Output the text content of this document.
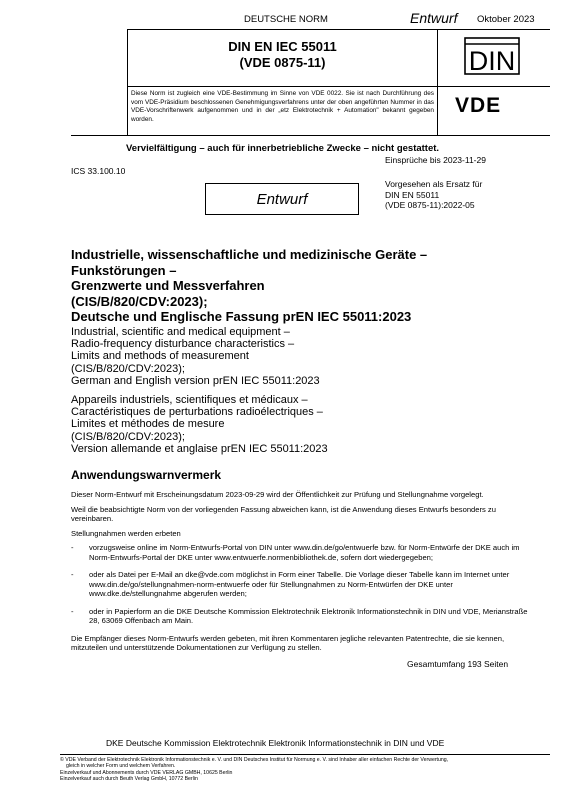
DEUTSCHE NORM	Entwurf Oktober 2023
DIN EN IEC 55011
(VDE 0875-11)	DIN
VDE
Diese Norm ist zugleich eine VDE-Bestimmung im Sinne von VDE 0022. Sie ist nach Durchführung des vom VDE-Präsidium beschlossenen Genehmigungsverfahrens unter der oben angeführten Nummer in das VDE-Vorschriftenwerk aufgenommen und in der „etz Elektrotechnik + Automation" bekannt gegeben worden.
Vervielfältigung – auch für innerbetriebliche Zwecke – nicht gestattet.
ICS 33.100.10
Einsprüche bis 2023-11-29
Entwurf
Vorgesehen als Ersatz für
DIN EN 55011
(VDE 0875-11):2022-05
Industrielle, wissenschaftliche und medizinische Geräte –
Funkstörungen –
Grenzwerte und Messverfahren
(CIS/B/820/CDV:2023);
Deutsche und Englische Fassung prEN IEC 55011:2023
Industrial, scientific and medical equipment –
Radio-frequency disturbance characteristics –
Limits and methods of measurement
(CIS/B/820/CDV:2023);
German and English version prEN IEC 55011:2023
Appareils industriels, scientifiques et médicaux –
Caractéristiques de perturbations radioélectriques –
Limites et méthodes de mesure
(CIS/B/820/CDV:2023);
Version allemande et anglaise prEN IEC 55011:2023
Anwendungswarnvermerk
Dieser Norm-Entwurf mit Erscheinungsdatum 2023-09-29 wird der Öffentlichkeit zur Prüfung und Stellungnahme vorgelegt.
Weil die beabsichtigte Norm von der vorliegenden Fassung abweichen kann, ist die Anwendung dieses Entwurfs besonders zu vereinbaren.
Stellungnahmen werden erbeten
- vorzugsweise online im Norm-Entwurfs-Portal von DIN unter www.din.de/go/entwuerfe bzw. für Norm-Entwürfe der DKE auch im Norm-Entwurfs-Portal der DKE unter www.entwuerfe.normenbibliothek.de, sofern dort wiedergegeben;
- oder als Datei per E-Mail an dke@vde.com möglichst in Form einer Tabelle. Die Vorlage dieser Tabelle kann im Internet unter www.din.de/go/stellungnahmen-norm-entwuerfe oder für Stellungnahmen zu Norm-Entwürfen der DKE unter www.dke.de/stellungnahme abgerufen werden;
- oder in Papierform an die DKE Deutsche Kommission Elektrotechnik Elektronik Informationstechnik in DIN und VDE, Merianstraße 28, 63069 Offenbach am Main.
Die Empfänger dieses Norm-Entwurfs werden gebeten, mit ihren Kommentaren jegliche relevanten Patentrechte, die sie kennen, mitzuteilen und unterstützende Dokumentationen zur Verfügung zu stellen.
Gesamtumfang 193 Seiten
DKE Deutsche Kommission Elektrotechnik Elektronik Informationstechnik in DIN und VDE
© VDE Verband der Elektrotechnik Elektronik Informationstechnik e. V. und DIN Deutsches Institut für Normung e. V. sind Inhaber aller einfachen Rechte der Verwertung,
gleich in welcher Form und welchem Verfahren.
Einzelverkauf und Abonnements durch VDE VERLAG GMBH, 10625 Berlin
Einzelverkauf auch durch Beuth Verlag GmbH, 10772 Berlin
